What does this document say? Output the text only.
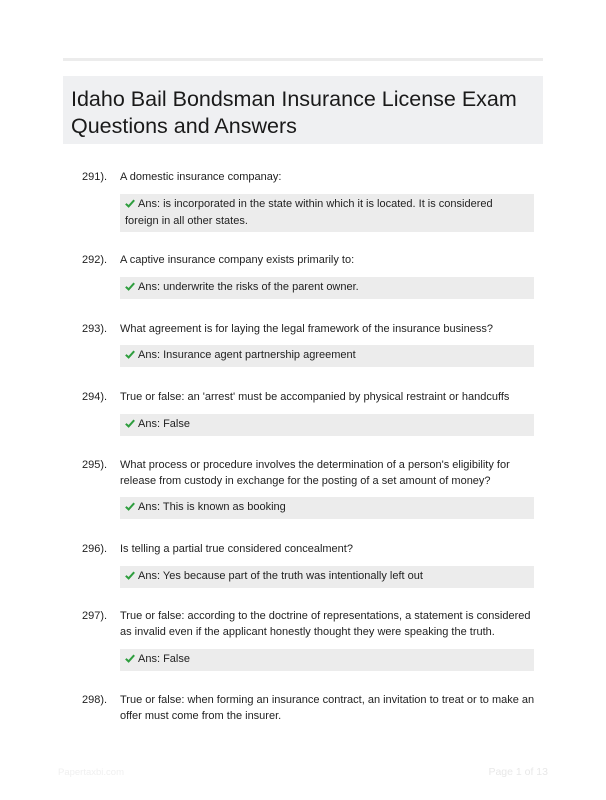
Idaho Bail Bondsman Insurance License Exam Questions and Answers
291). A domestic insurance companay:
Ans: is incorporated in the state within which it is located. It is considered foreign in all other states.
292). A captive insurance company exists primarily to:
Ans: underwrite the risks of the parent owner.
293). What agreement is for laying the legal framework of the insurance business?
Ans: Insurance agent partnership agreement
294). True or false: an 'arrest' must be accompanied by physical restraint or handcuffs
Ans: False
295). What process or procedure involves the determination of a person's eligibility for release from custody in exchange for the posting of a set amount of money?
Ans: This is known as booking
296). Is telling a partial true considered concealment?
Ans: Yes because part of the truth was intentionally left out
297). True or false: according to the doctrine of representations, a statement is considered as invalid even if the applicant honestly thought they were speaking the truth.
Ans: False
298). True or false: when forming an insurance contract, an invitation to treat or to make an offer must come from the insurer.
Papertaxbi.com	Page 1 of 13
